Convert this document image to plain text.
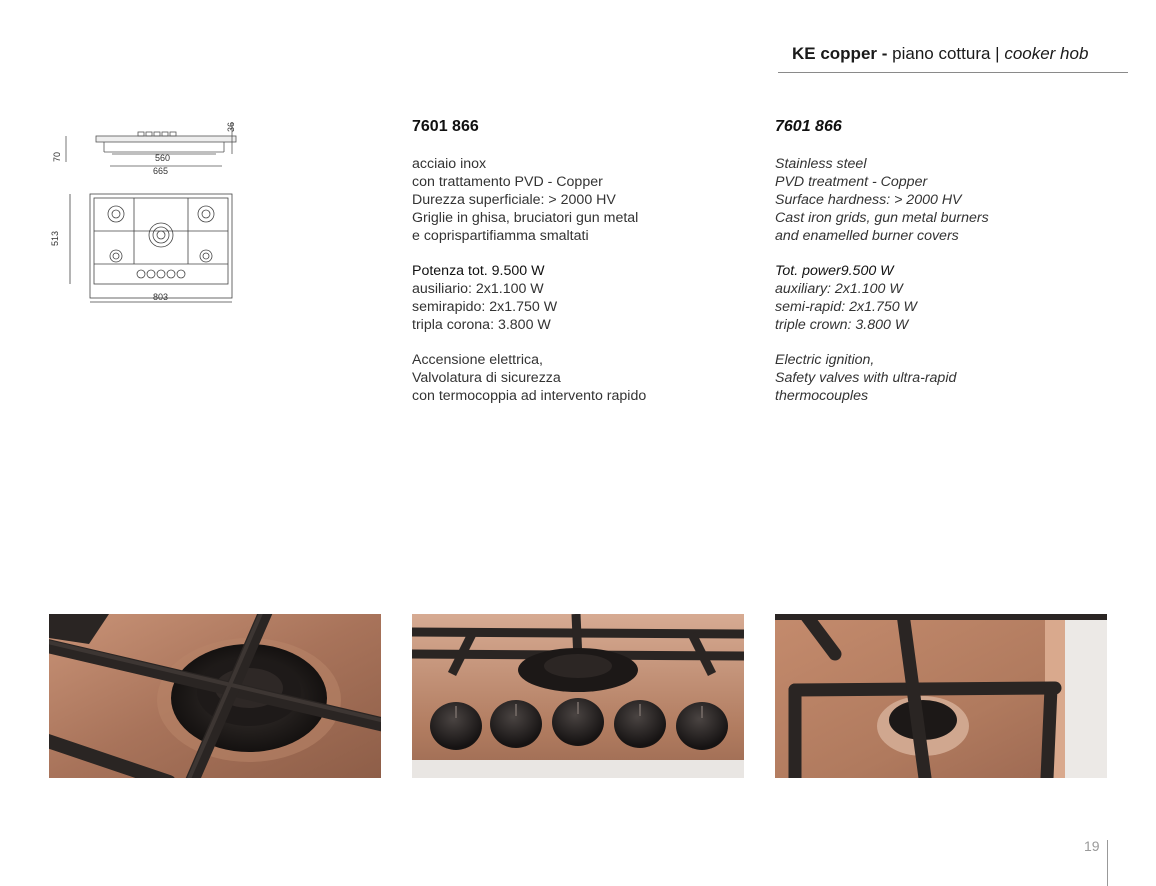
KE copper - piano cottura | cooker hob
36
70	560
665
513
803
7601 866
acciaio inox
con trattamento PVD - Copper
Durezza superficiale: > 2000 HV
Griglie in ghisa, bruciatori gun metal
e coprispartifiamma smaltati
Potenza tot. 9.500 W
ausiliario: 2x1.100 W
semirapido: 2x1.750 W
tripla corona: 3.800 W
Accensione elettrica,
Valvolatura di sicurezza
con termocoppia ad intervento rapido
7601 866
Stainless steel
PVD treatment - Copper
Surface hardness: > 2000 HV
Cast iron grids, gun metal burners
and enamelled burner covers
Tot. power9.500 W
auxiliary: 2x1.100 W
semi-rapid: 2x1.750 W
triple crown: 3.800 W
Electric ignition,
Safety valves with ultra-rapid
thermocouples
19
